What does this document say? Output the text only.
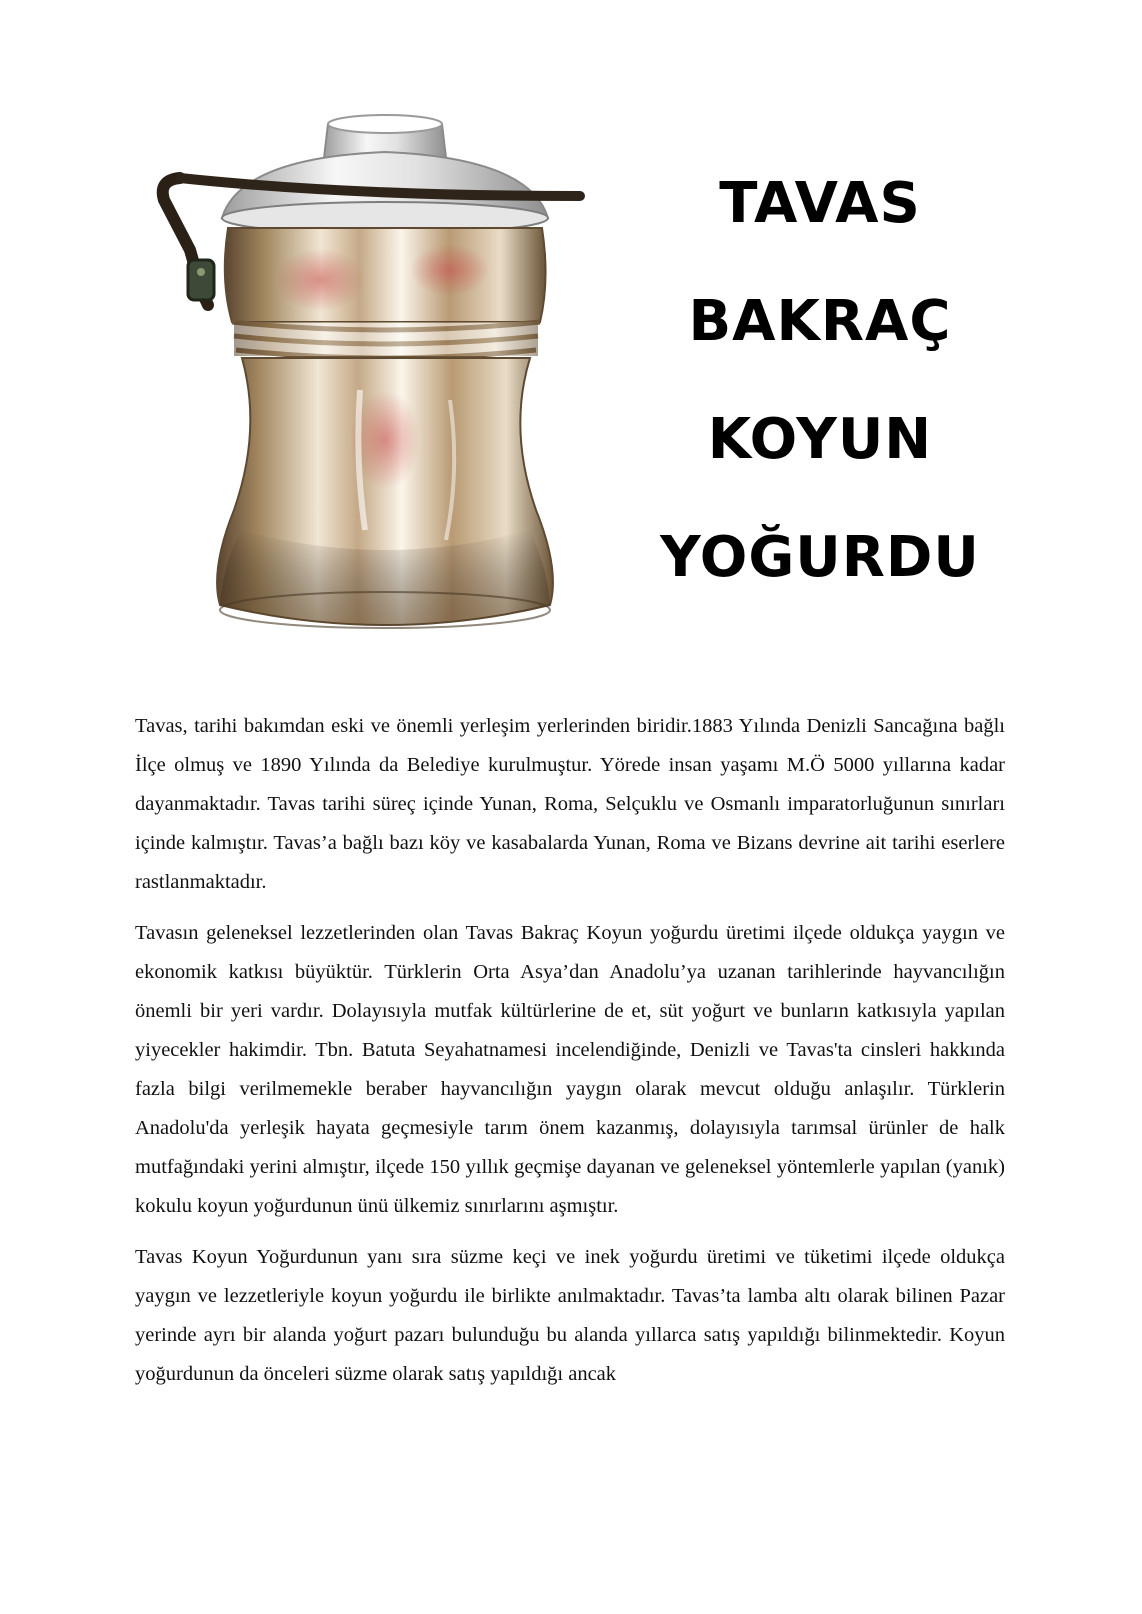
TAVAS
BAKRAÇ
KOYUN
YOĞURDU

Tavas, tarihi bakımdan eski ve önemli yerleşim yerlerinden biridir.1883 Yılında Denizli Sancağına bağlı İlçe olmuş ve 1890 Yılında da Belediye kurulmuştur. Yörede insan yaşamı M.Ö 5000 yıllarına kadar dayanmaktadır. Tavas tarihi süreç içinde Yunan, Roma, Selçuklu ve Osmanlı imparatorluğunun sınırları içinde kalmıştır. Tavas’a bağlı bazı köy ve kasabalarda Yunan, Roma ve Bizans devrine ait tarihi eserlere rastlanmaktadır.

Tavasın geleneksel lezzetlerinden olan Tavas Bakraç Koyun yoğurdu üretimi ilçede oldukça yaygın ve ekonomik katkısı büyüktür. Türklerin Orta Asya’dan Anadolu’ya uzanan tarihlerinde hayvancılığın önemli bir yeri vardır. Dolayısıyla mutfak kültürlerine de et, süt yoğurt ve bunların katkısıyla yapılan yiyecekler hakimdir. Tbn. Batuta Seyahatnamesi incelendiğinde, Denizli ve Tavas'ta cinsleri hakkında fazla bilgi verilmemekle beraber hayvancılığın yaygın olarak mevcut olduğu anlaşılır. Türklerin Anadolu'da yerleşik hayata geçmesiyle tarım önem kazanmış, dolayısıyla tarımsal ürünler de halk mutfağındaki yerini almıştır, ilçede 150 yıllık geçmişe dayanan ve geleneksel yöntemlerle yapılan (yanık) kokulu koyun yoğurdunun ünü ülkemiz sınırlarını aşmıştır.

Tavas Koyun Yoğurdunun yanı sıra süzme keçi ve inek yoğurdu üretimi ve tüketimi ilçede oldukça yaygın ve lezzetleriyle koyun yoğurdu ile birlikte anılmaktadır. Tavas’ta lamba altı olarak bilinen Pazar yerinde ayrı bir alanda yoğurt pazarı bulunduğu bu alanda yıllarca satış yapıldığı bilinmektedir. Koyun yoğurdunun da önceleri süzme olarak satış yapıldığı ancak
